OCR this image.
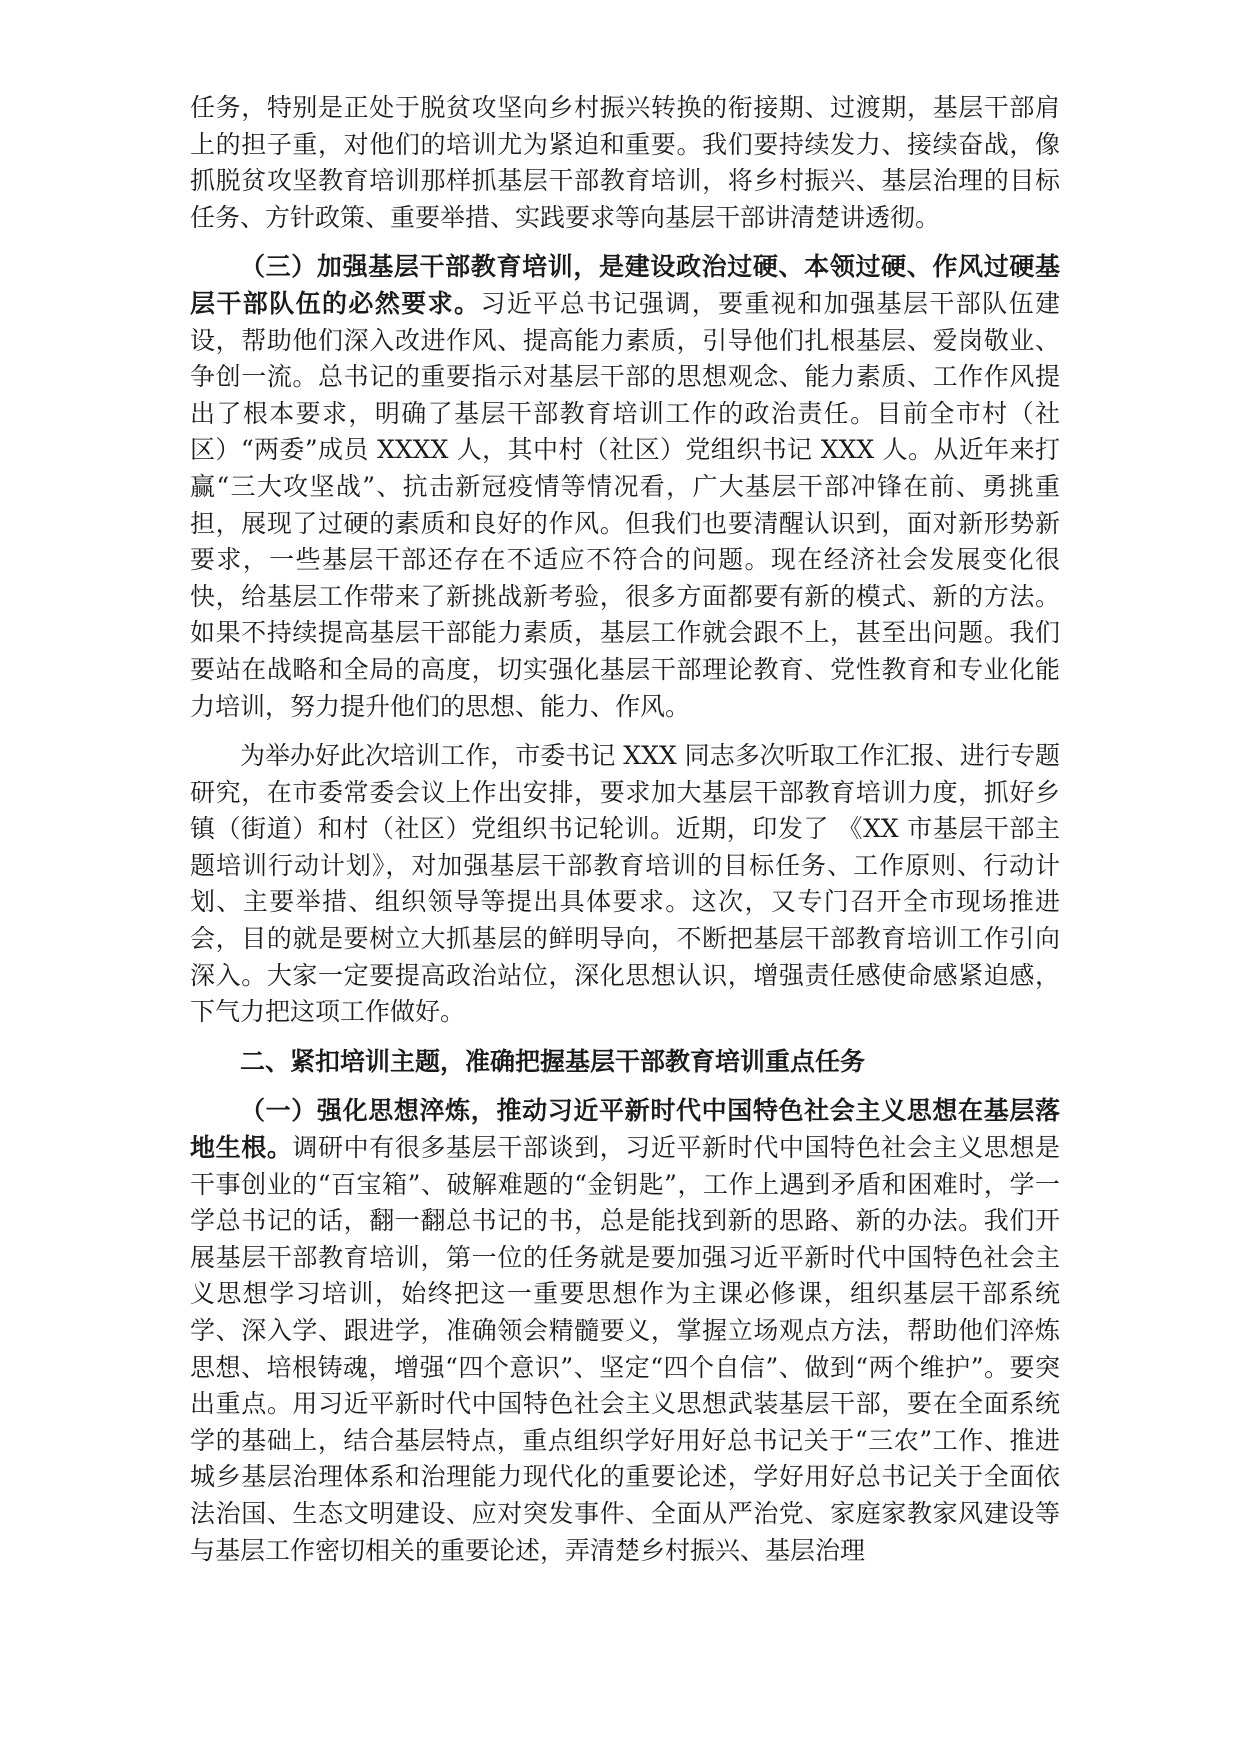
任务，特别是正处于脱贫攻坚向乡村振兴转换的衔接期、过渡期，基层干部肩上的担子重，对他们的培训尤为紧迫和重要。我们要持续发力、接续奋战，像抓脱贫攻坚教育培训那样抓基层干部教育培训，将乡村振兴、基层治理的目标任务、方针政策、重要举措、实践要求等向基层干部讲清楚讲透彻。

（三）加强基层干部教育培训，是建设政治过硬、本领过硬、作风过硬基层干部队伍的必然要求。习近平总书记强调，要重视和加强基层干部队伍建设，帮助他们深入改进作风、提高能力素质，引导他们扎根基层、爱岗敬业、争创一流。总书记的重要指示对基层干部的思想观念、能力素质、工作作风提出了根本要求，明确了基层干部教育培训工作的政治责任。目前全市村（社区）“两委”成员 XXXX 人，其中村（社区）党组织书记 XXX 人。从近年来打赢“三大攻坚战”、抗击新冠疫情等情况看，广大基层干部冲锋在前、勇挑重担，展现了过硬的素质和良好的作风。但我们也要清醒认识到，面对新形势新要求，一些基层干部还存在不适应不符合的问题。现在经济社会发展变化很快，给基层工作带来了新挑战新考验，很多方面都要有新的模式、新的方法。如果不持续提高基层干部能力素质，基层工作就会跟不上，甚至出问题。我们要站在战略和全局的高度，切实强化基层干部理论教育、党性教育和专业化能力培训，努力提升他们的思想、能力、作风。

为举办好此次培训工作，市委书记 XXX 同志多次听取工作汇报、进行专题研究，在市委常委会议上作出安排，要求加大基层干部教育培训力度，抓好乡镇（街道）和村（社区）党组织书记轮训。近期，印发了 《XX 市基层干部主题培训行动计划》，对加强基层干部教育培训的目标任务、工作原则、行动计划、主要举措、组织领导等提出具体要求。这次，又专门召开全市现场推进会，目的就是要树立大抓基层的鲜明导向，不断把基层干部教育培训工作引向深入。大家一定要提高政治站位，深化思想认识，增强责任感使命感紧迫感，下气力把这项工作做好。

二、紧扣培训主题，准确把握基层干部教育培训重点任务

（一）强化思想淬炼，推动习近平新时代中国特色社会主义思想在基层落地生根。调研中有很多基层干部谈到，习近平新时代中国特色社会主义思想是干事创业的“百宝箱”、破解难题的“金钥匙”，工作上遇到矛盾和困难时，学一学总书记的话，翻一翻总书记的书，总是能找到新的思路、新的办法。我们开展基层干部教育培训，第一位的任务就是要加强习近平新时代中国特色社会主义思想学习培训，始终把这一重要思想作为主课必修课，组织基层干部系统学、深入学、跟进学，准确领会精髓要义，掌握立场观点方法，帮助他们淬炼思想、培根铸魂，增强“四个意识”、坚定“四个自信”、做到“两个维护”。要突出重点。用习近平新时代中国特色社会主义思想武装基层干部，要在全面系统学的基础上，结合基层特点，重点组织学好用好总书记关于“三农”工作、推进城乡基层治理体系和治理能力现代化的重要论述，学好用好总书记关于全面依法治国、生态文明建设、应对突发事件、全面从严治党、家庭家教家风建设等与基层工作密切相关的重要论述，弄清楚乡村振兴、基层治理
